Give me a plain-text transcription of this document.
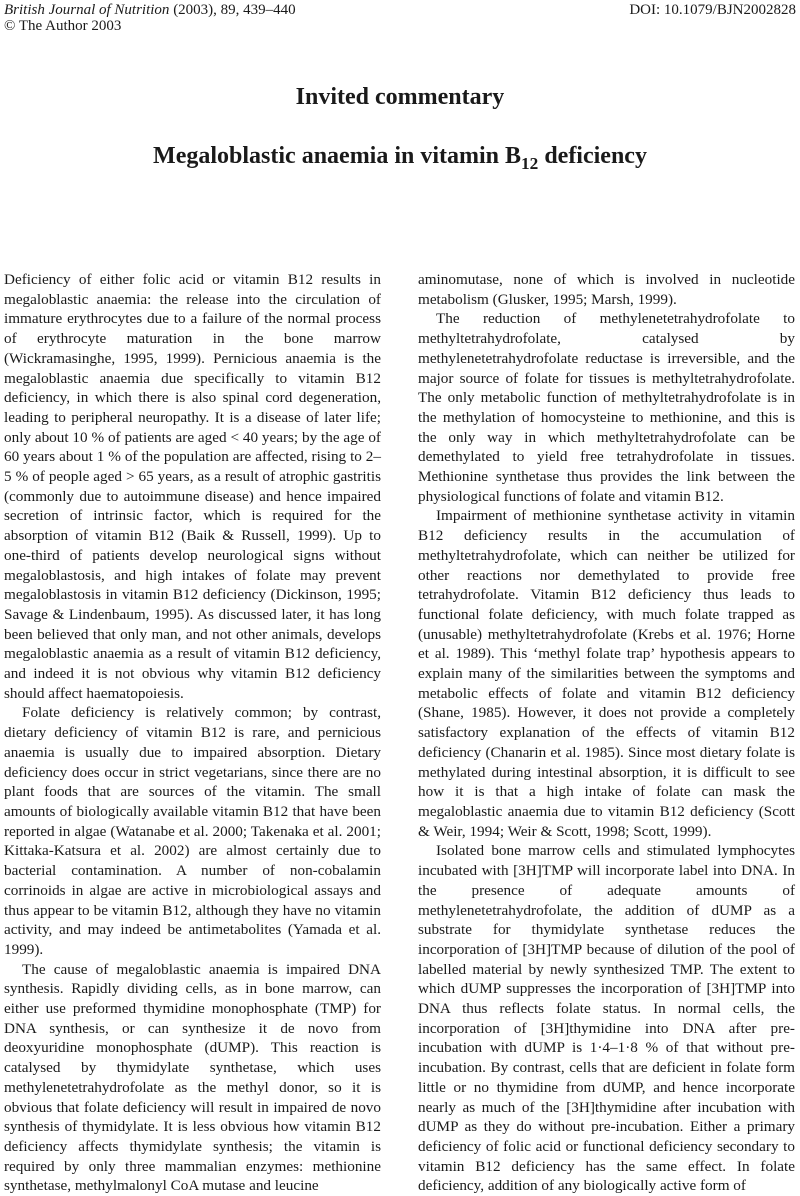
British Journal of Nutrition (2003), 89, 439–440
© The Author 2003
DOI: 10.1079/BJN2002828
Invited commentary
Megaloblastic anaemia in vitamin $B_{12}$ deficiency

Deficiency of either folic acid or vitamin B12 results in megaloblastic anaemia: the release into the circulation of immature erythrocytes due to a failure of the normal process of erythrocyte maturation in the bone marrow (Wickramasinghe, 1995, 1999). Pernicious anaemia is the megaloblastic anaemia due specifically to vitamin B12 deficiency, in which there is also spinal cord degeneration, leading to peripheral neuropathy. It is a disease of later life; only about 10 % of patients are aged < 40 years; by the age of 60 years about 1 % of the population are affected, rising to 2–5 % of people aged > 65 years, as a result of atrophic gastritis (commonly due to autoimmune disease) and hence impaired secretion of intrinsic factor, which is required for the absorption of vitamin B12 (Baik & Russell, 1999). Up to one-third of patients develop neurological signs without megaloblastosis, and high intakes of folate may prevent megaloblastosis in vitamin B12 deficiency (Dickinson, 1995; Savage & Lindenbaum, 1995). As discussed later, it has long been believed that only man, and not other animals, develops megaloblastic anaemia as a result of vitamin B12 deficiency, and indeed it is not obvious why vitamin B12 deficiency should affect haematopoiesis.

Folate deficiency is relatively common; by contrast, dietary deficiency of vitamin B12 is rare, and pernicious anaemia is usually due to impaired absorption. Dietary deficiency does occur in strict vegetarians, since there are no plant foods that are sources of the vitamin. The small amounts of biologically available vitamin B12 that have been reported in algae (Watanabe et al. 2000; Takenaka et al. 2001; Kittaka-Katsura et al. 2002) are almost certainly due to bacterial contamination. A number of non-cobalamin corrinoids in algae are active in microbiological assays and thus appear to be vitamin B12, although they have no vitamin activity, and may indeed be antimetabolites (Yamada et al. 1999).

The cause of megaloblastic anaemia is impaired DNA synthesis. Rapidly dividing cells, as in bone marrow, can either use preformed thymidine monophosphate (TMP) for DNA synthesis, or can synthesize it de novo from deoxyuridine monophosphate (dUMP). This reaction is catalysed by thymidylate synthetase, which uses methylenetetrahydrofolate as the methyl donor, so it is obvious that folate deficiency will result in impaired de novo synthesis of thymidylate. It is less obvious how vitamin B12 deficiency affects thymidylate synthesis; the vitamin is required by only three mammalian enzymes: methionine synthetase, methylmalonyl CoA mutase and leucine

aminomutase, none of which is involved in nucleotide metabolism (Glusker, 1995; Marsh, 1999).

The reduction of methylenetetrahydrofolate to methyltetrahydrofolate, catalysed by methylenetetrahydrofolate reductase is irreversible, and the major source of folate for tissues is methyltetrahydrofolate. The only metabolic function of methyltetrahydrofolate is in the methylation of homocysteine to methionine, and this is the only way in which methyltetrahydrofolate can be demethylated to yield free tetrahydrofolate in tissues. Methionine synthetase thus provides the link between the physiological functions of folate and vitamin B12.

Impairment of methionine synthetase activity in vitamin B12 deficiency results in the accumulation of methyltetrahydrofolate, which can neither be utilized for other reactions nor demethylated to provide free tetrahydrofolate. Vitamin B12 deficiency thus leads to functional folate deficiency, with much folate trapped as (unusable) methyltetrahydrofolate (Krebs et al. 1976; Horne et al. 1989). This ‘methyl folate trap’ hypothesis appears to explain many of the similarities between the symptoms and metabolic effects of folate and vitamin B12 deficiency (Shane, 1985). However, it does not provide a completely satisfactory explanation of the effects of vitamin B12 deficiency (Chanarin et al. 1985). Since most dietary folate is methylated during intestinal absorption, it is difficult to see how it is that a high intake of folate can mask the megaloblastic anaemia due to vitamin B12 deficiency (Scott & Weir, 1994; Weir & Scott, 1998; Scott, 1999).

Isolated bone marrow cells and stimulated lymphocytes incubated with [3H]TMP will incorporate label into DNA. In the presence of adequate amounts of methylenetetrahydrofolate, the addition of dUMP as a substrate for thymidylate synthetase reduces the incorporation of [3H]TMP because of dilution of the pool of labelled material by newly synthesized TMP. The extent to which dUMP suppresses the incorporation of [3H]TMP into DNA thus reflects folate status. In normal cells, the incorporation of [3H]thymidine into DNA after pre-incubation with dUMP is 1·4–1·8 % of that without pre-incubation. By contrast, cells that are deficient in folate form little or no thymidine from dUMP, and hence incorporate nearly as much of the [3H]thymidine after incubation with dUMP as they do without pre-incubation. Either a primary deficiency of folic acid or functional deficiency secondary to vitamin B12 deficiency has the same effect. In folate deficiency, addition of any biologically active form of
